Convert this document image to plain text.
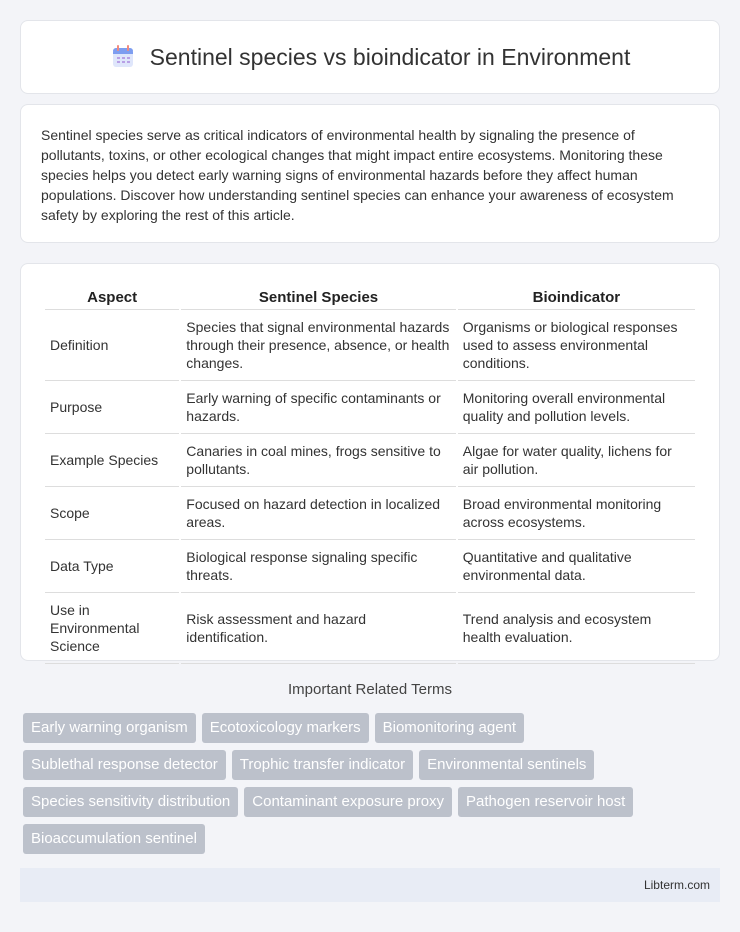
Sentinel species vs bioindicator in Environment

Sentinel species serve as critical indicators of environmental health by signaling the presence of pollutants, toxins, or other ecological changes that might impact entire ecosystems. Monitoring these species helps you detect early warning signs of environmental hazards before they affect human populations. Discover how understanding sentinel species can enhance your awareness of ecosystem safety by exploring the rest of this article.

Aspect	Sentinel Species	Bioindicator
Definition	Species that signal environmental hazards through their presence, absence, or health changes.	Organisms or biological responses used to assess environmental conditions.
Purpose	Early warning of specific contaminants or hazards.	Monitoring overall environmental quality and pollution levels.
Example Species	Canaries in coal mines, frogs sensitive to pollutants.	Algae for water quality, lichens for air pollution.
Scope	Focused on hazard detection in localized areas.	Broad environmental monitoring across ecosystems.
Data Type	Biological response signaling specific threats.	Quantitative and qualitative environmental data.
Use in Environmental Science	Risk assessment and hazard identification.	Trend analysis and ecosystem health evaluation.
Important Related Terms
Early warning organism	Ecotoxicology markers	Biomonitoring agent
Sublethal response detector	Trophic transfer indicator	Environmental sentinels
Species sensitivity distribution	Contaminant exposure proxy	Pathogen reservoir host
Bioaccumulation sentinel
Libterm.com
